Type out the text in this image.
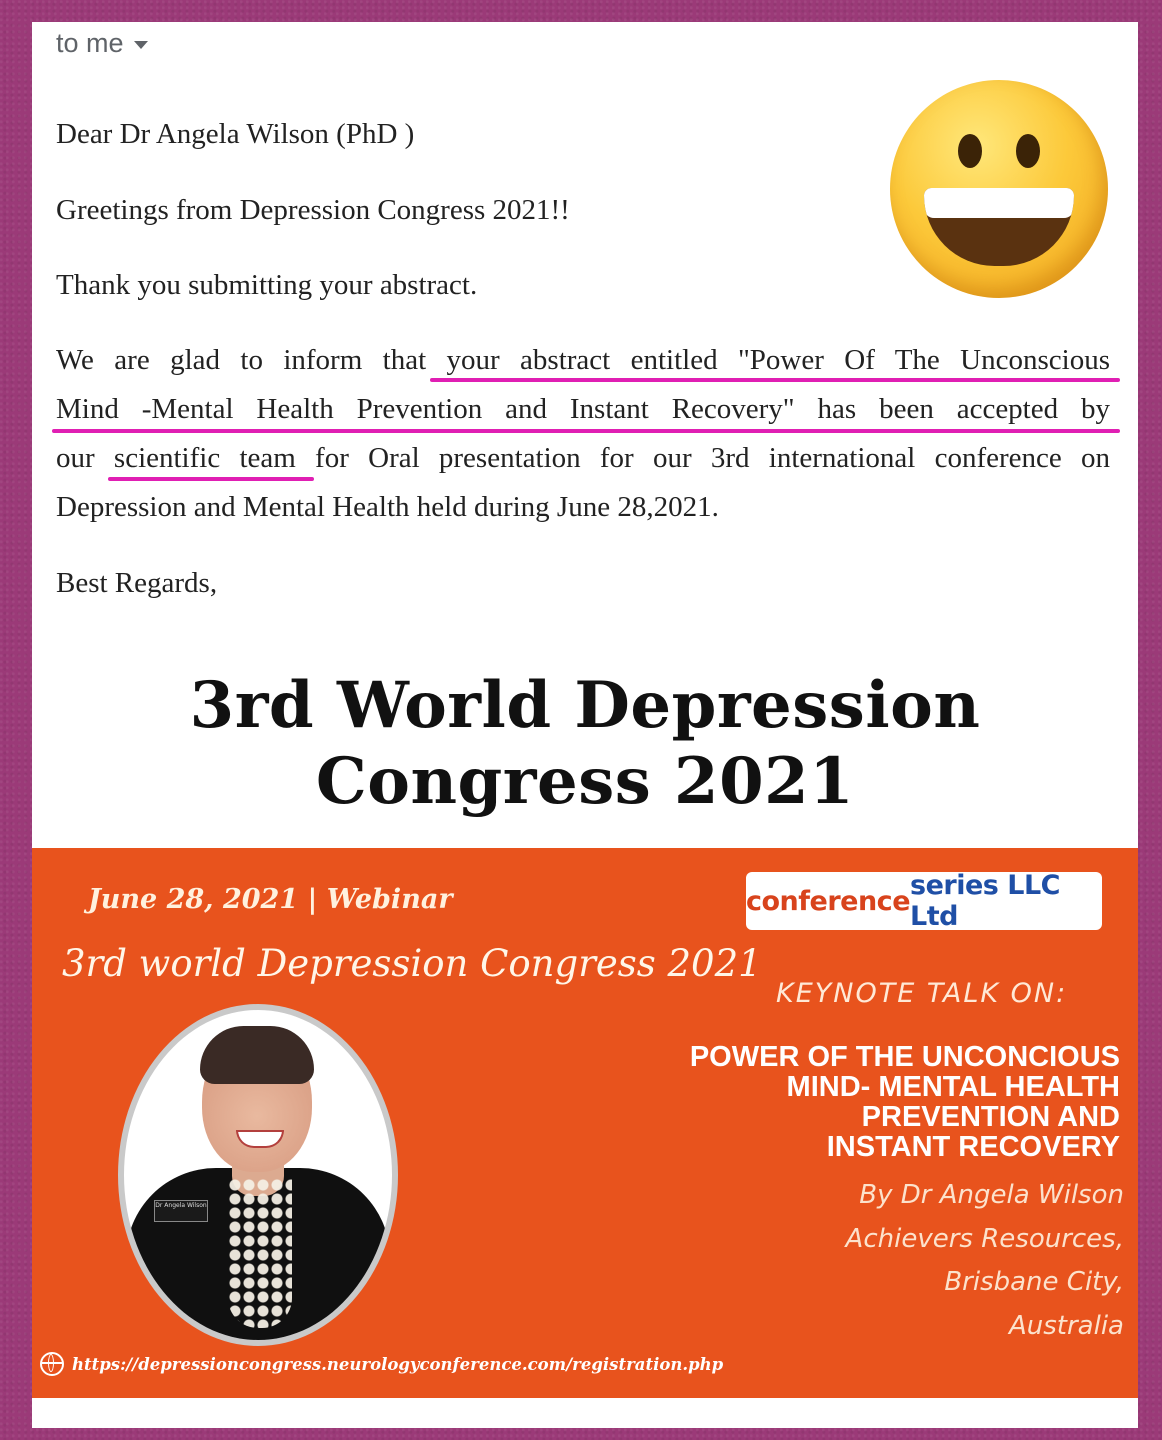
to me
Dear Dr Angela Wilson (PhD )
Greetings from Depression Congress 2021!!
Thank you submitting your abstract.
We are glad to inform that your abstract entitled "Power Of The Unconscious
Mind -Mental Health Prevention and Instant Recovery" has been accepted by
our scientific team for Oral presentation for our 3rd international conference on
Depression and Mental Health held during June 28,2021.
Best Regards,
3rd World Depression
Congress 2021
June 28, 2021 | Webinar
3rd world Depression Congress 2021
conference series LLC Ltd
Dr Angela Wilson
KEYNOTE TALK ON:
POWER OF THE UNCONCIOUS
MIND- MENTAL HEALTH
PREVENTION AND
INSTANT RECOVERY
By Dr Angela Wilson
Achievers Resources,
Brisbane City,
Australia
https://depressioncongress.neurologyconference.com/registration.php
